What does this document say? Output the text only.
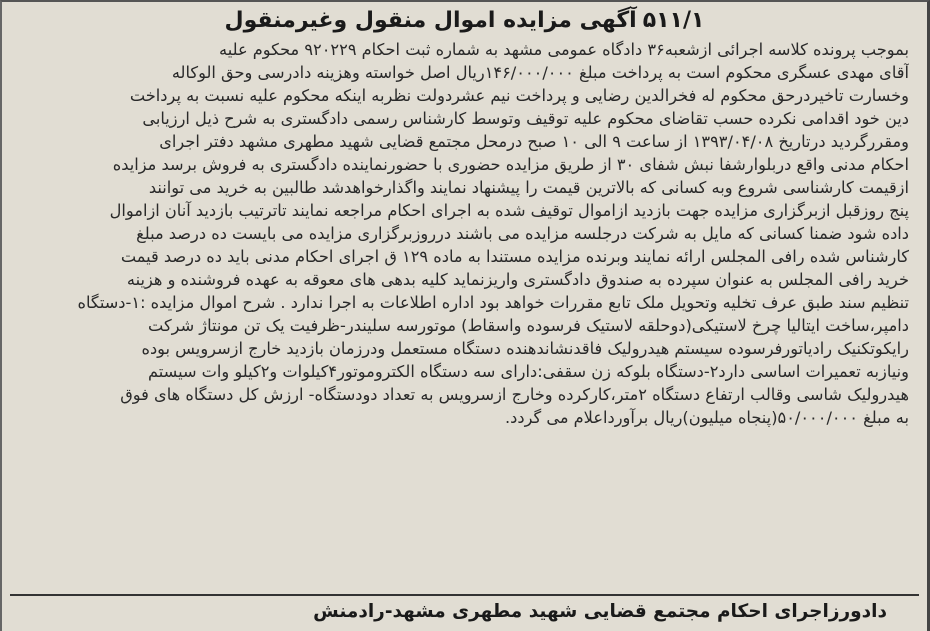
۵۱۱/۱آگهی مزایده اموال منقول وغیرمنقول
بموجب پرونده کلاسه اجرائی ازشعبه۳۶ دادگاه عمومی مشهد به شماره ثبت احکام ۹۲۰۲۲۹ محکوم علیه
آقای مهدی عسگری محکوم است به پرداخت مبلغ ۱۴۶/۰۰۰/۰۰۰ریال اصل خواسته وهزینه دادرسی وحق الوکاله
وخسارت تاخیردرحق محکوم له فخرالدین رضایی و پرداخت نیم عشردولت نظربه اینکه محکوم علیه نسبت به پرداخت
دین خود اقدامی نکرده حسب تقاضای محکوم علیه توقیف وتوسط کارشناس رسمی دادگستری به شرح ذیل ارزیابی
ومقررگردید درتاریخ ۱۳۹۳/۰۴/۰۸ از ساعت ۹ الی ۱۰ صبح درمحل مجتمع قضایی شهید مطهری مشهد دفتر اجرای
احکام مدنی واقع دربلوارشفا نبش شفای ۳۰ از طریق مزایده حضوری با حضورنماینده دادگستری به فروش برسد مزایده
ازقیمت کارشناسی شروع وبه کسانی که بالاترین قیمت را پیشنهاد نمایند واگذارخواهدشد طالبین به خرید می توانند
پنج روزقبل ازبرگزاری مزایده جهت بازدید ازاموال توقیف شده به اجرای احکام مراجعه نمایند تاترتیب بازدید آنان ازاموال
داده شود ضمنا کسانی که مایل به شرکت درجلسه مزایده می باشند درروزبرگزاری مزایده می بایست ده درصد مبلغ
کارشناس شده رافی المجلس ارائه نمایند وبرنده مزایده مستندا به ماده ۱۲۹ ق اجرای احکام مدنی باید ده درصد قیمت
خرید رافی المجلس به عنوان سپرده به صندوق دادگستری واریزنماید کلیه بدهی های معوقه به عهده فروشنده و هزینه
تنظیم سند طبق عرف تخلیه وتحویل ملک تابع مقررات خواهد بود اداره اطلاعات به اجرا ندارد . شرح اموال مزایده :۱-دستگاه
دامپر،ساخت ایتالیا چرخ لاستیکی(دوحلقه لاستیک فرسوده واسقاط) موتورسه سلیندر-ظرفیت یک تن مونتاژ شرکت
رایکوتکنیک رادیاتورفرسوده سیستم هیدرولیک فاقدنشاندهنده دستگاه مستعمل ودرزمان بازدید خارج ازسرویس بوده
ونیازبه تعمیرات اساسی دارد۲-دستگاه بلوکه زن سقفی:دارای سه دستگاه الکتروموتور۴کیلوات و۲کیلو وات سیستم
هیدرولیک شاسی وقالب ارتفاع دستگاه ۲متر،کارکرده وخارج ازسرویس به تعداد دودستگاه- ارزش کل دستگاه های فوق
به مبلغ ۵۰/۰۰۰/۰۰۰(پنجاه میلیون)ریال برآورداعلام می گردد.
دادورزاجرای احکام مجتمع قضایی شهید مطهری مشهد-رادمنش
